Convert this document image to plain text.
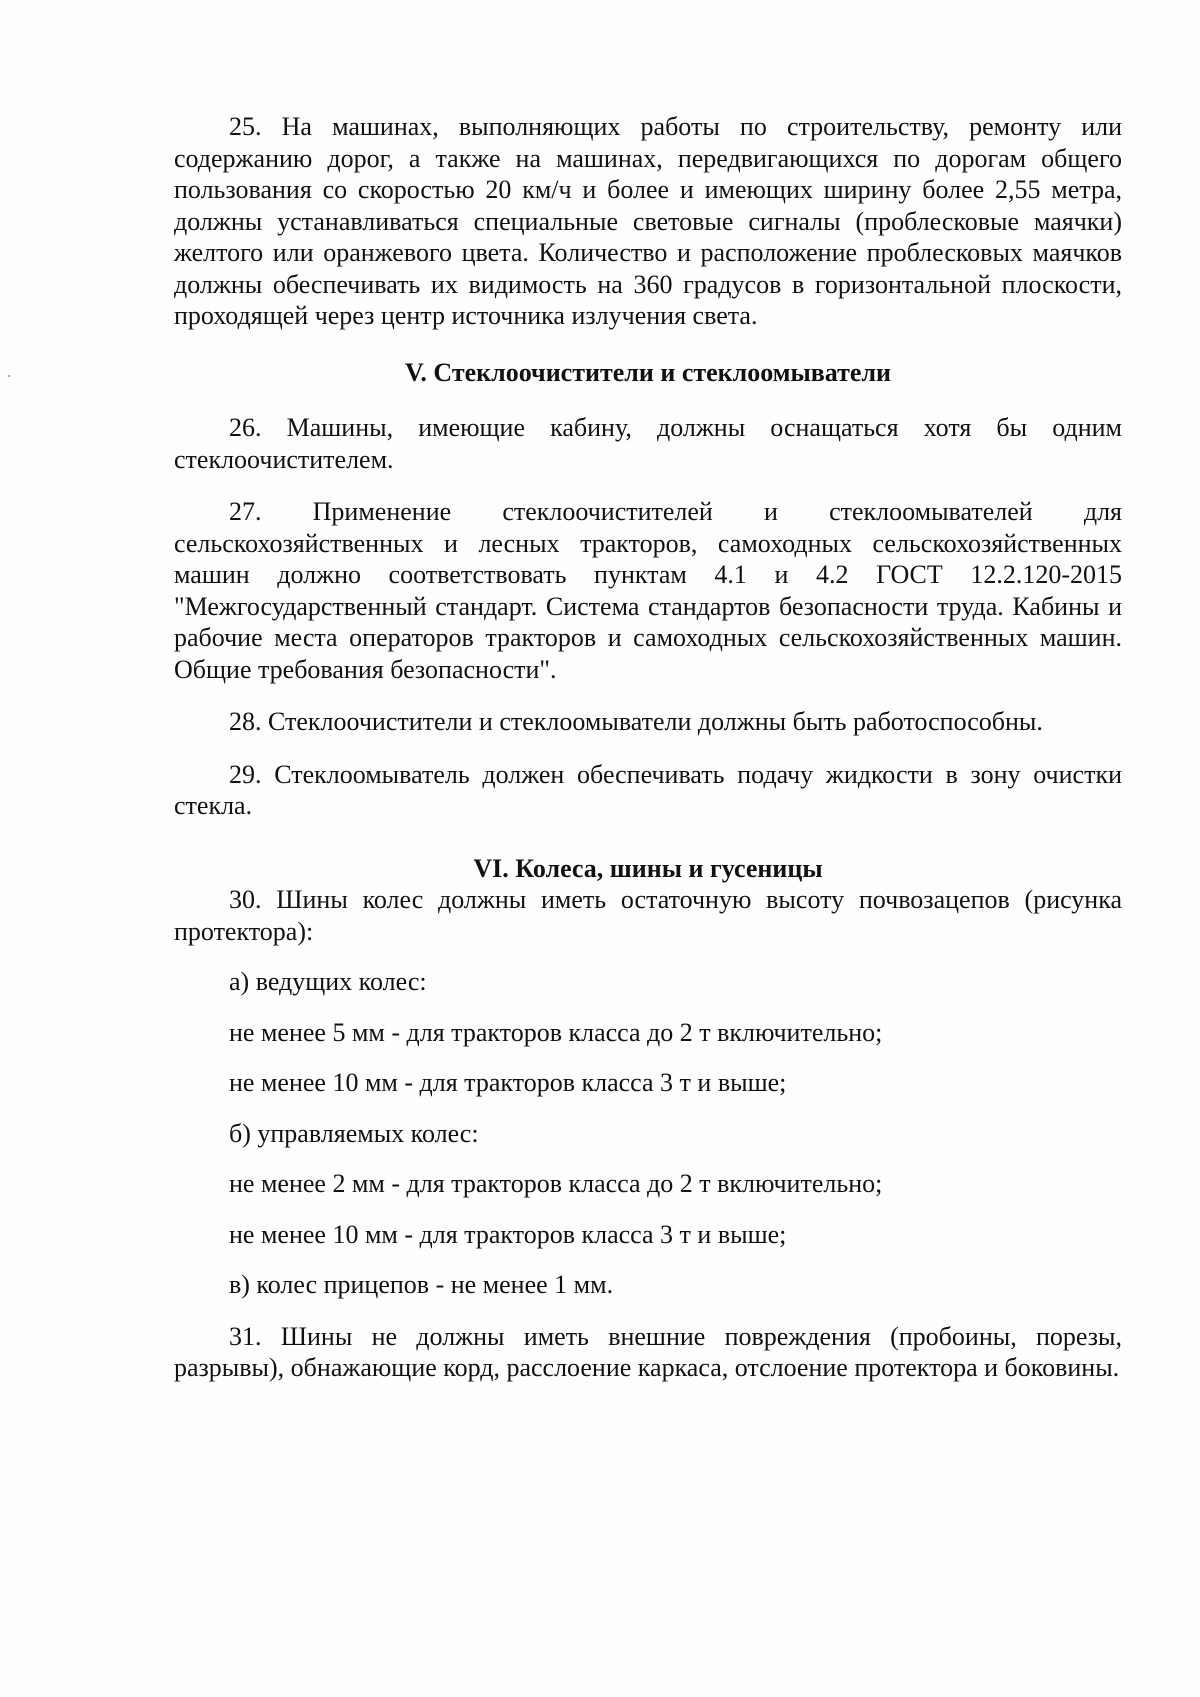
25. На машинах, выполняющих работы по строительству, ремонту или содержанию дорог, а также на машинах, передвигающихся по дорогам общего пользования со скоростью 20 км/ч и более и имеющих ширину более 2,55 метра, должны устанавливаться специальные световые сигналы (проблесковые маячки) желтого или оранжевого цвета. Количество и расположение проблесковых маячков должны обеспечивать их видимость на 360 градусов в горизонтальной плоскости, проходящей через центр источника излучения света.

V. Стеклоочистители и стеклоомыватели

26. Машины, имеющие кабину, должны оснащаться хотя бы одним стеклоочистителем.

27. Применение стеклоочистителей и стеклоомывателей для сельскохозяйственных и лесных тракторов, самоходных сельскохозяйственных машин должно соответствовать пунктам 4.1 и 4.2 ГОСТ 12.2.120-2015 "Межгосударственный стандарт. Система стандартов безопасности труда. Кабины и рабочие места операторов тракторов и самоходных сельскохозяйственных машин. Общие требования безопасности".

28. Стеклоочистители и стеклоомыватели должны быть работоспособны.

29. Стеклоомыватель должен обеспечивать подачу жидкости в зону очистки стекла.

VI. Колеса, шины и гусеницы

30. Шины колес должны иметь остаточную высоту почвозацепов (рисунка протектора):

а) ведущих колес:

не менее 5 мм - для тракторов класса до 2 т включительно;

не менее 10 мм - для тракторов класса 3 т и выше;

б) управляемых колес:

не менее 2 мм - для тракторов класса до 2 т включительно;

не менее 10 мм - для тракторов класса 3 т и выше;

в) колес прицепов - не менее 1 мм.

31. Шины не должны иметь внешние повреждения (пробоины, порезы, разрывы), обнажающие корд, расслоение каркаса, отслоение протектора и боковины.
